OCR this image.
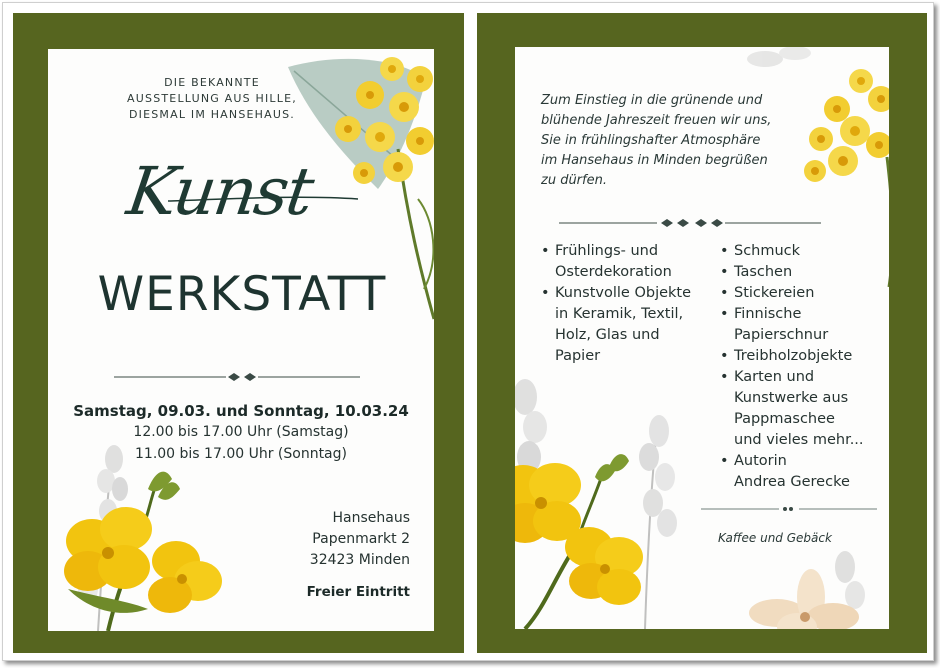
DIE BEKANNTE
AUSSTELLUNG AUS HILLE,
DIESMAL IM HANSEHAUS.
Kunst
WERKSTATT
Samstag, 09.03. und Sonntag, 10.03.24
12.00 bis 17.00 Uhr (Samstag)
11.00 bis 17.00 Uhr (Sonntag)
Hansehaus
Papenmarkt 2
32423 Minden
Freier Eintritt
Zum Einstieg in die grünende und
blühende Jahreszeit freuen wir uns,
Sie in frühlingshafter Atmosphäre
im Hansehaus in Minden begrüßen
zu dürfen.
• Frühlings- und
Osterdekoration
• Kunstvolle Objekte
in Keramik, Textil,
Holz, Glas und
Papier
• Schmuck
• Taschen
• Stickereien
• Finnische
Papierschnur
• Treibholzobjekte
• Karten und
Kunstwerke aus
Pappmaschee
und vieles mehr...
• Autorin
Andrea Gerecke
Kaffee und Gebäck
